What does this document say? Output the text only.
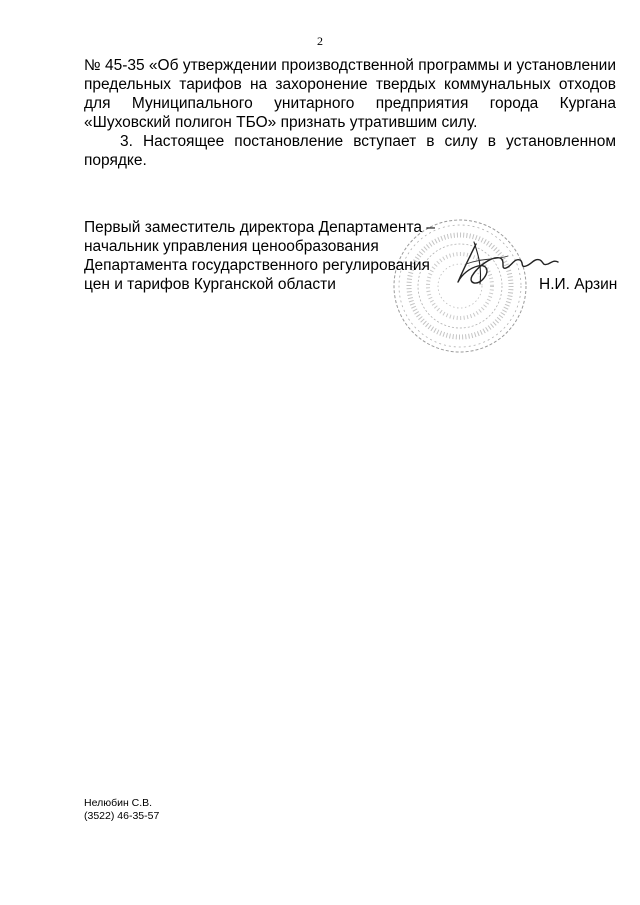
2

№ 45-35 «Об утверждении производственной программы и установлении предельных тарифов на захоронение твердых коммунальных отходов для Муниципального унитарного предприятия города Кургана «Шуховский полигон ТБО» признать утратившим силу.

3. Настоящее постановление вступает в силу в установленном порядке.

Первый заместитель директора Департамента –
начальник управления ценообразования
Департамента государственного регулирования
цен и тарифов Курганской области	Н.И. Арзин
Нелюбин С.В.
(3522) 46-35-57
